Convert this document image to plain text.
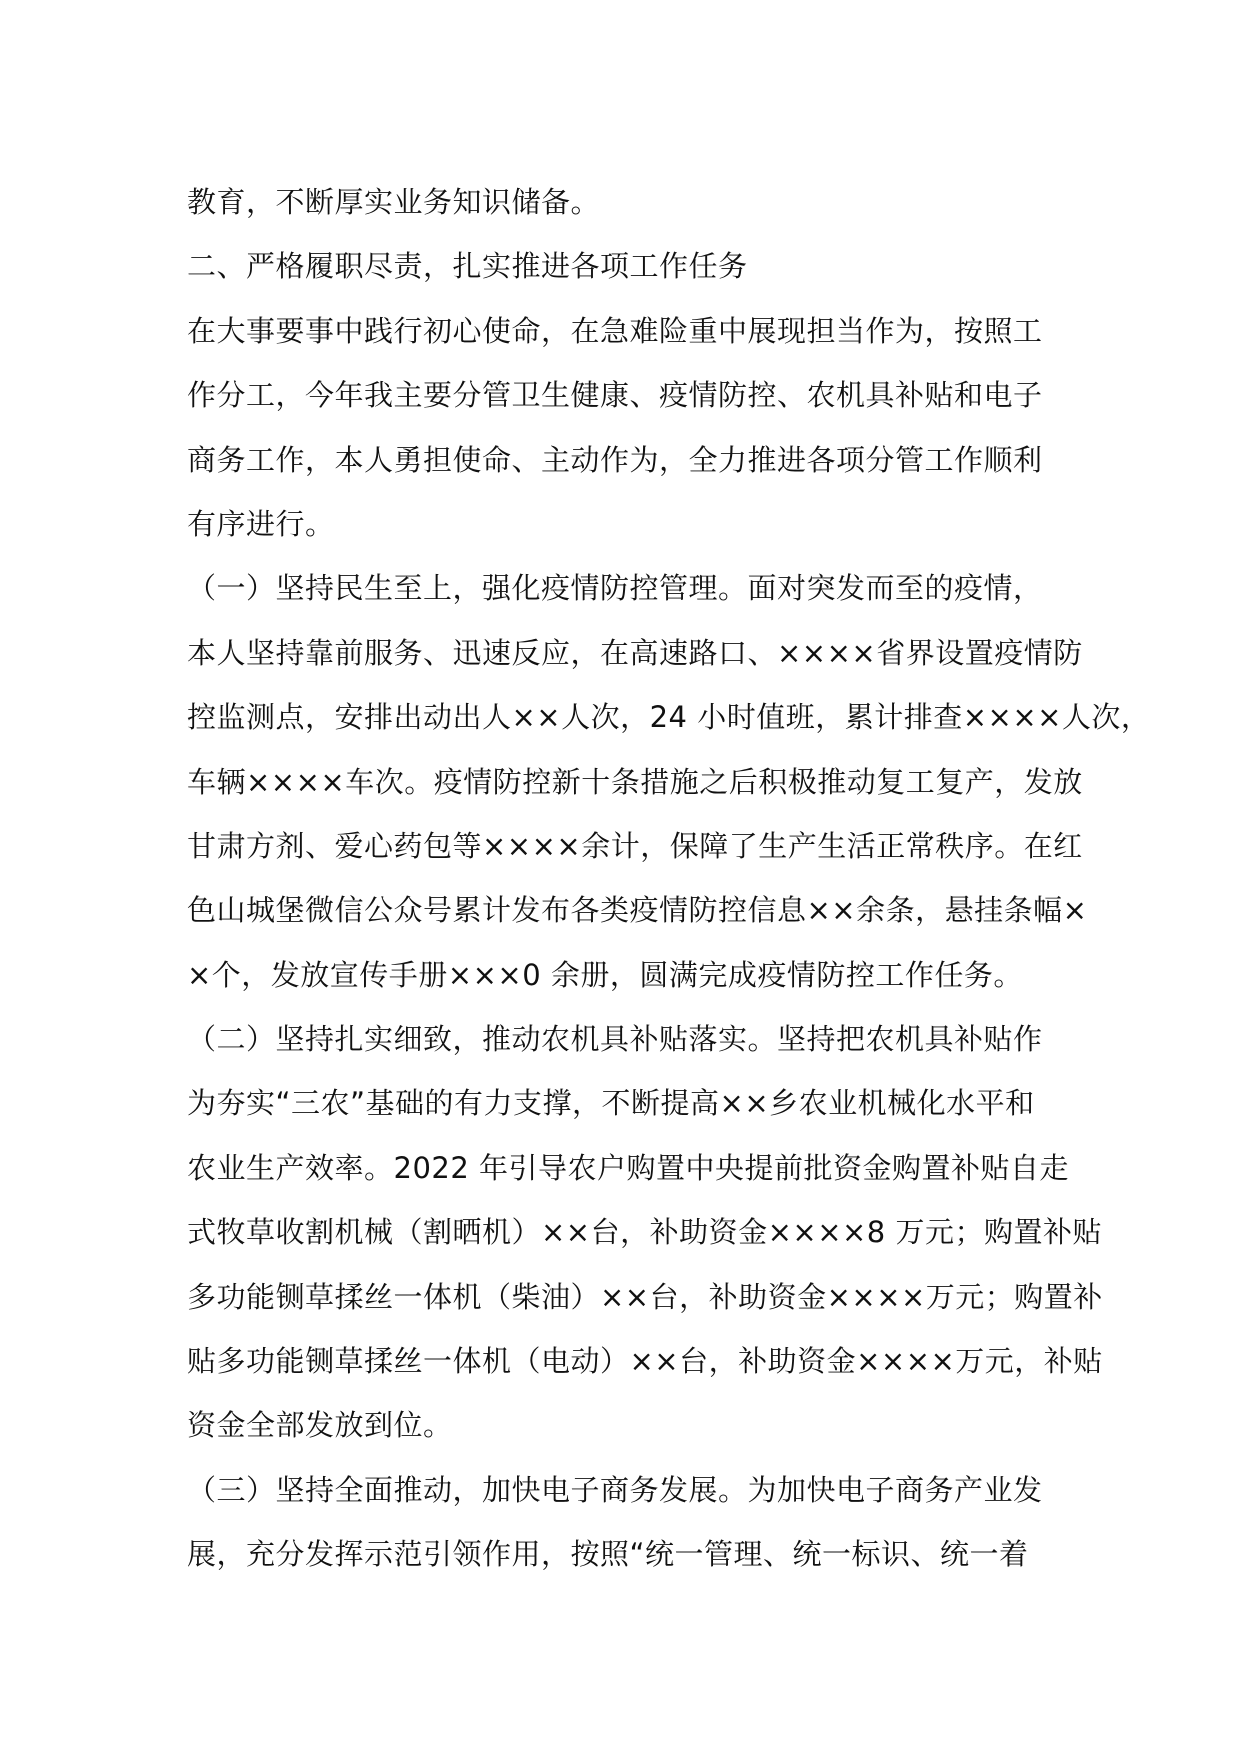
教育，不断厚实业务知识储备。
二、严格履职尽责，扎实推进各项工作任务
在大事要事中践行初心使命，在急难险重中展现担当作为，按照工
作分工，今年我主要分管卫生健康、疫情防控、农机具补贴和电子
商务工作，本人勇担使命、主动作为，全力推进各项分管工作顺利
有序进行。
（一）坚持民生至上，强化疫情防控管理。面对突发而至的疫情，
本人坚持靠前服务、迅速反应，在高速路口、××××省界设置疫情防
控监测点，安排出动出人××人次，24 小时值班，累计排查××××人次，
车辆××××车次。疫情防控新十条措施之后积极推动复工复产，发放
甘肃方剂、爱心药包等××××余计，保障了生产生活正常秩序。在红
色山城堡微信公众号累计发布各类疫情防控信息××余条，悬挂条幅×
×个，发放宣传手册×××0 余册，圆满完成疫情防控工作任务。
（二）坚持扎实细致，推动农机具补贴落实。坚持把农机具补贴作
为夯实“三农”基础的有力支撑，不断提高××乡农业机械化水平和
农业生产效率。2022 年引导农户购置中央提前批资金购置补贴自走
式牧草收割机械（割晒机）××台，补助资金××××8 万元；购置补贴
多功能铡草揉丝一体机（柴油）××台，补助资金××××万元；购置补
贴多功能铡草揉丝一体机（电动）××台，补助资金××××万元，补贴
资金全部发放到位。
（三）坚持全面推动，加快电子商务发展。为加快电子商务产业发
展，充分发挥示范引领作用，按照“统一管理、统一标识、统一着
